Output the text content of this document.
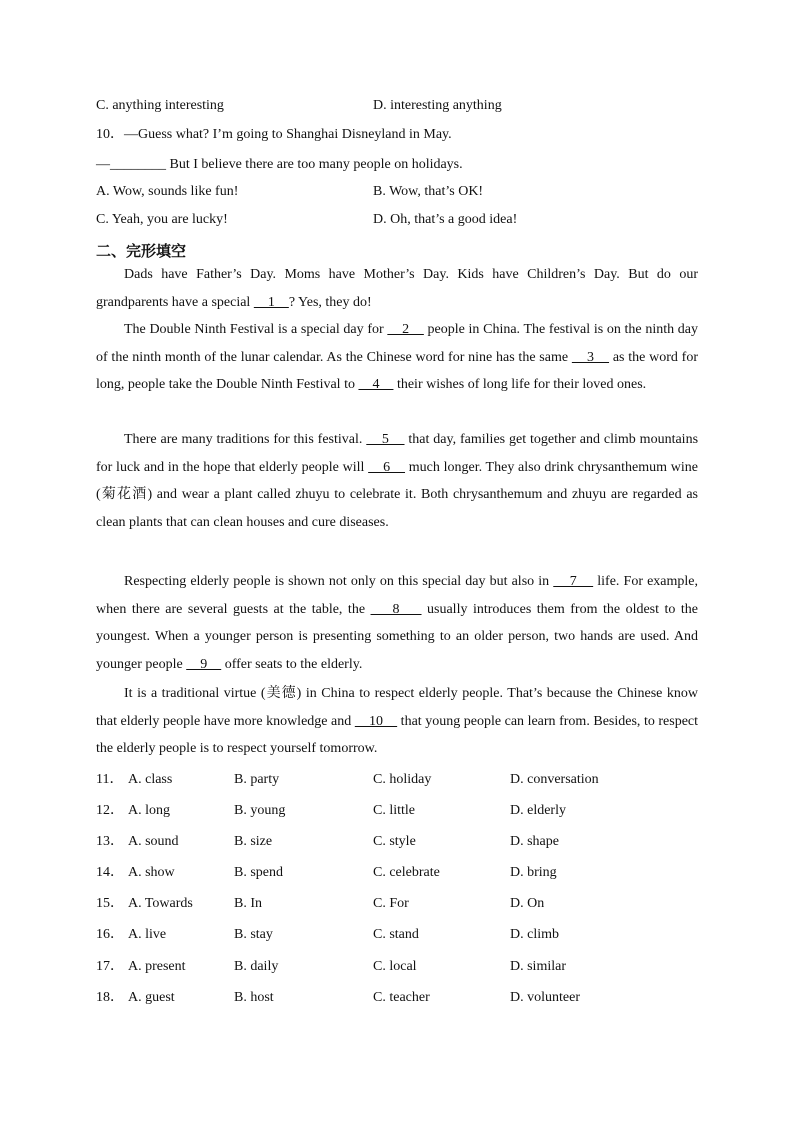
C. anything interesting	D. interesting anything
10．—Guess what? I’m going to Shanghai Disneyland in May.
—________ But I believe there are too many people on holidays.
A. Wow, sounds like fun!	B. Wow, that’s OK!
C. Yeah, you are lucky!	D. Oh, that’s a good idea!
二、完形填空
Dads have Father’s Day. Moms have Mother’s Day. Kids have Children’s Day. But do our grandparents have a special     1    ? Yes, they do!
The Double Ninth Festival is a special day for     2     people in China. The festival is on the ninth day of the ninth month of the lunar calendar. As the Chinese word for nine has the same     3     as the word for long, people take the Double Ninth Festival to     4     their wishes of long life for their loved ones.
There are many traditions for this festival.     5     that day, families get together and climb mountains for luck and in the hope that elderly people will     6     much longer. They also drink chrysanthemum wine (菊花酒) and wear a plant called zhuyu to celebrate it. Both chrysanthemum and zhuyu are regarded as clean plants that can clean houses and cure diseases.
Respecting elderly people is shown not only on this special day but also in     7     life. For example, when there are several guests at the table, the     8     usually introduces them from the oldest to the youngest. When a younger person is presenting something to an older person, two hands are used. And younger people     9     offer seats to the elderly.
It is a traditional virtue (美德) in China to respect elderly people. That’s because the Chinese know that elderly people have more knowledge and     10     that young people can learn from. Besides, to respect the elderly people is to respect yourself tomorrow.
11． A. class	B. party	C. holiday	D. conversation
12． A. long	B. young	C. little	D. elderly
13． A. sound	B. size	C. style	D. shape
14． A. show	B. spend	C. celebrate	D. bring
15． A. Towards	B. In	C. For	D. On
16． A. live	B. stay	C. stand	D. climb
17． A. present	B. daily	C. local	D. similar
18． A. guest	B. host	C. teacher	D. volunteer
